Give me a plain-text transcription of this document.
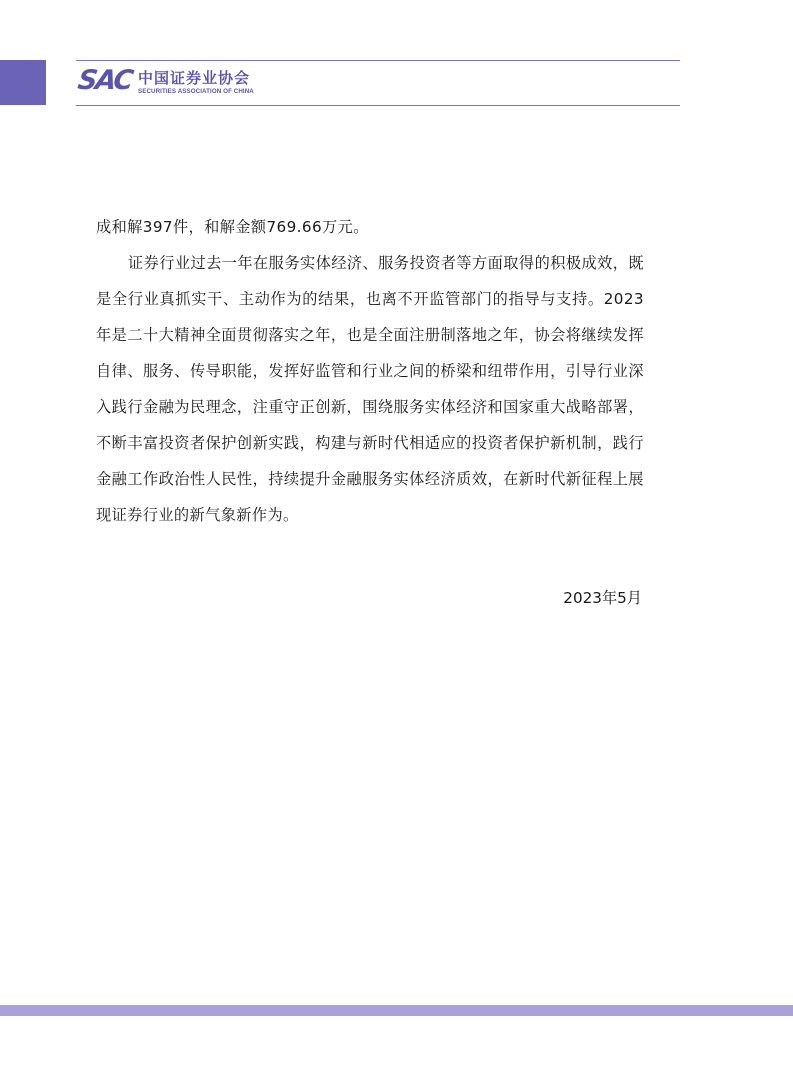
SAC 中国证券业协会
SECURITIES ASSOCIATION OF CHINA

成和解397件，和解金额769.66万元。

证券行业过去一年在服务实体经济、服务投资者等方面取得的积极成效，既是全行业真抓实干、主动作为的结果，也离不开监管部门的指导与支持。2023年是二十大精神全面贯彻落实之年，也是全面注册制落地之年，协会将继续发挥自律、服务、传导职能，发挥好监管和行业之间的桥梁和纽带作用，引导行业深入践行金融为民理念，注重守正创新，围绕服务实体经济和国家重大战略部署，不断丰富投资者保护创新实践，构建与新时代相适应的投资者保护新机制，践行金融工作政治性人民性，持续提升金融服务实体经济质效，在新时代新征程上展现证券行业的新气象新作为。

2023年5月
